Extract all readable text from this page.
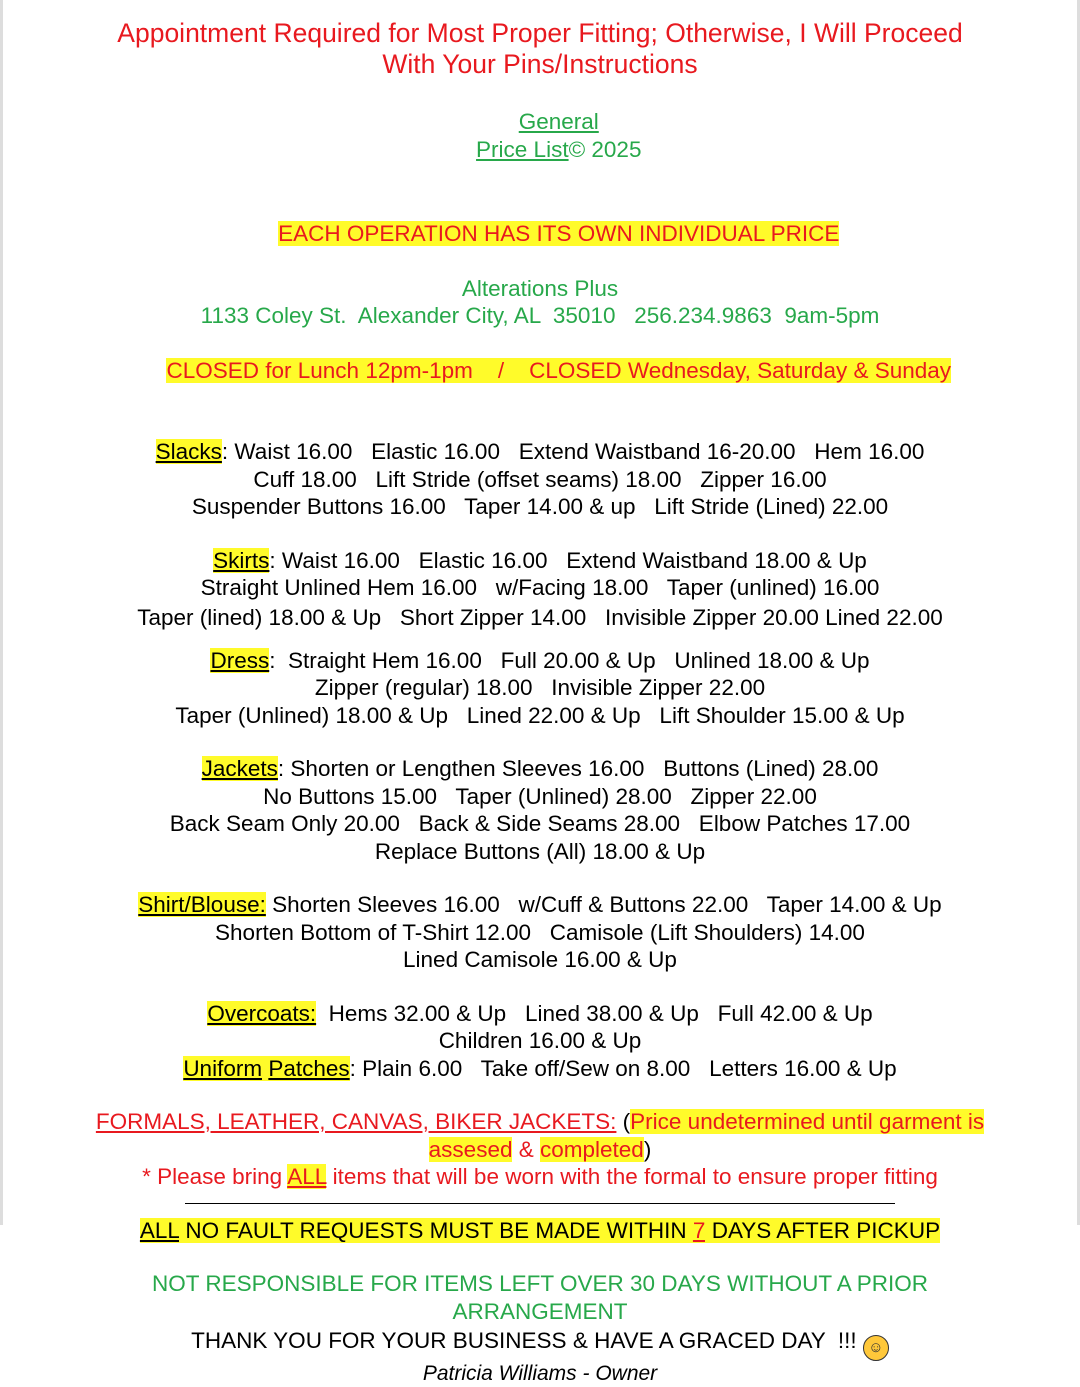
Appointment Required for Most Proper Fitting; Otherwise, I Will Proceed
With Your Pins/Instructions

General
Price List© 2025

EACH OPERATION HAS ITS OWN INDIVIDUAL PRICE

Alterations Plus
1133 Coley St.  Alexander City, AL  35010   256.234.9863  9am-5pm

CLOSED for Lunch 12pm-1pm    /    CLOSED Wednesday, Saturday & Sunday

Slacks: Waist 16.00   Elastic 16.00   Extend Waistband 16-20.00   Hem 16.00
Cuff 18.00   Lift Stride (offset seams) 18.00   Zipper 16.00
Suspender Buttons 16.00   Taper 14.00 & up   Lift Stride (Lined) 22.00
Skirts: Waist 16.00   Elastic 16.00   Extend Waistband 18.00 & Up
Straight Unlined Hem 16.00   w/Facing 18.00   Taper (unlined) 16.00
Taper (lined) 18.00 & Up   Short Zipper 14.00   Invisible Zipper 20.00 Lined 22.00
Dress:  Straight Hem 16.00   Full 20.00 & Up   Unlined 18.00 & Up
Zipper (regular) 18.00   Invisible Zipper 22.00
Taper (Unlined) 18.00 & Up   Lined 22.00 & Up   Lift Shoulder 15.00 & Up
Jackets: Shorten or Lengthen Sleeves 16.00   Buttons (Lined) 28.00
No Buttons 15.00   Taper (Unlined) 28.00   Zipper 22.00
Back Seam Only 20.00   Back & Side Seams 28.00   Elbow Patches 17.00
Replace Buttons (All) 18.00 & Up
Shirt/Blouse: Shorten Sleeves 16.00   w/Cuff & Buttons 22.00   Taper 14.00 & Up
Shorten Bottom of T-Shirt 12.00   Camisole (Lift Shoulders) 14.00
Lined Camisole 16.00 & Up
Overcoats:  Hems 32.00 & Up   Lined 38.00 & Up   Full 42.00 & Up
Children 16.00 & Up
Uniform Patches: Plain 6.00   Take off/Sew on 8.00   Letters 16.00 & Up
FORMALS, LEATHER, CANVAS, BIKER JACKETS: (Price undetermined until garment is
assesed & completed)
* Please bring ALL items that will be worn with the formal to ensure proper fitting
ALL NO FAULT REQUESTS MUST BE MADE WITHIN 7 DAYS AFTER PICKUP
NOT RESPONSIBLE FOR ITEMS LEFT OVER 30 DAYS WITHOUT A PRIOR
ARRANGEMENT
THANK YOU FOR YOUR BUSINESS & HAVE A GRACED DAY  !!! ☺
Patricia Williams - Owner
